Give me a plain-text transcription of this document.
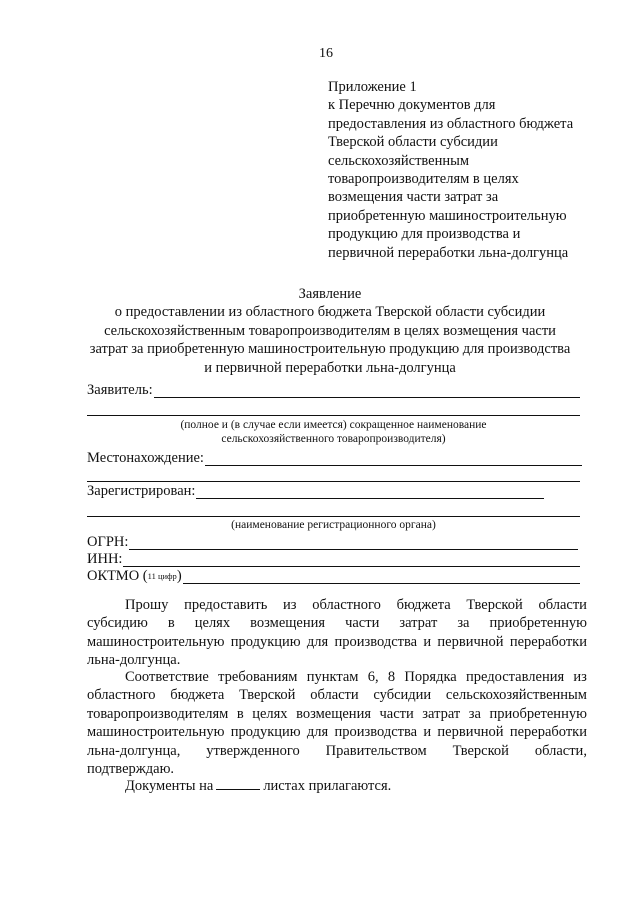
16
Приложение 1
к Перечню документов для
предоставления из областного бюджета
Тверской области субсидии
сельскохозяйственным
товаропроизводителям в целях
возмещения части затрат за
приобретенную машиностроительную
продукцию для производства и
первичной переработки льна-долгунца
Заявление
о предоставлении из областного бюджета Тверской области субсидии
сельскохозяйственным товаропроизводителям в целях возмещения части
затрат за приобретенную машиностроительную продукцию для производства
и первичной переработки льна-долгунца
Заявитель:
(полное и (в случае если имеется) сокращенное наименование
сельскохозяйственного товаропроизводителя)
Местонахождение:
Зарегистрирован:
(наименование регистрационного органа)
ОГРН:
ИНН:
ОКТМО ( 11 цифр )
Прошу предоставить из областного бюджета Тверской области
субсидию в целях возмещения части затрат за приобретенную
машиностроительную продукцию для производства и первичной переработки
льна-долгунца.
Соответствие требованиям пунктам 6, 8 Порядка предоставления из
областного бюджета Тверской области субсидии сельскохозяйственным
товаропроизводителям в целях возмещения части затрат за приобретенную
машиностроительную продукцию для производства и первичной переработки
льна-долгунца, утвержденного Правительством Тверской области,
подтверждаю.
Документы на	листах прилагаются.
